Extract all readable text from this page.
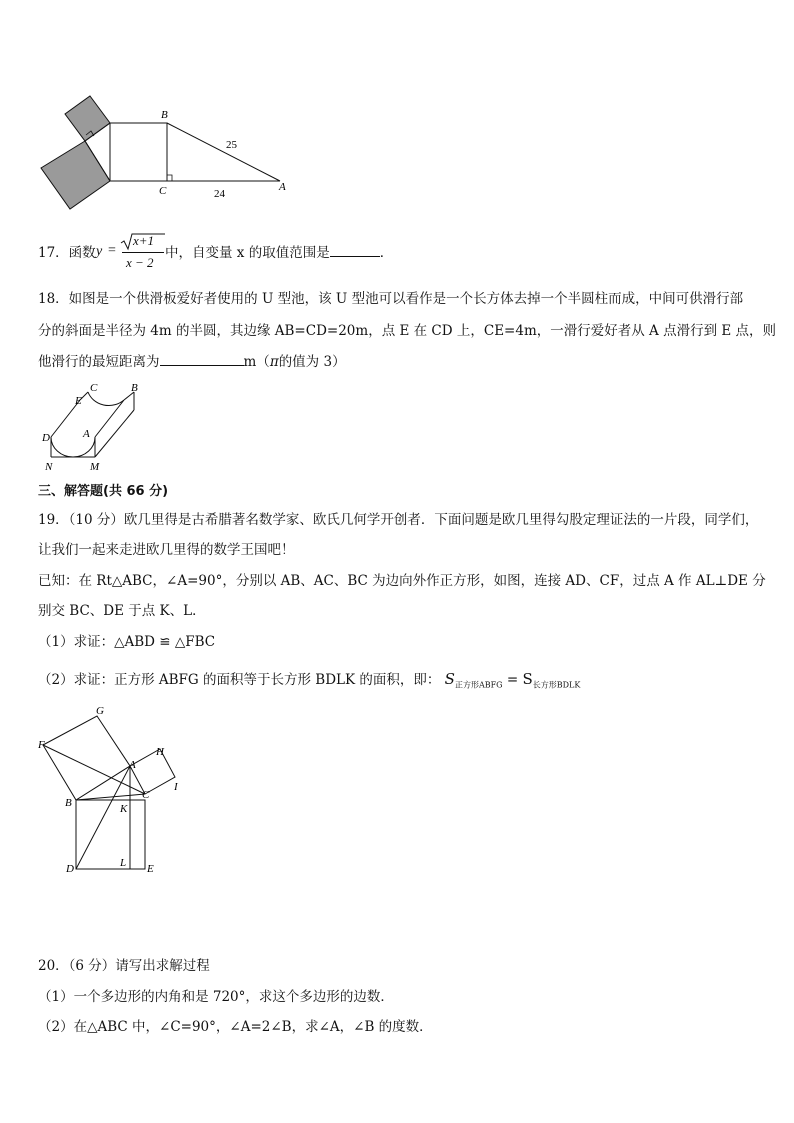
B
C	A
25
24
17．函数 y =
x+1
x − 2
中，自变量 x 的取值范围是	．
18．如图是一个供滑板爱好者使用的 U 型池，该 U 型池可以看作是一个长方体去掉一个半圆柱而成，中间可供滑行部
分的斜面是半径为 4m 的半圆，其边缘 AB=CD=20m，点 E 在 CD 上，CE=4m，一滑行爱好者从 A 点滑行到 E 点，则
他滑行的最短距离为	m（π的值为 3）
C	B
E
D	A
N	M
三、解答题(共 66 分)
19．（10 分）欧几里得是古希腊著名数学家、欧氏几何学开创者．下面问题是欧几里得勾股定理证法的一片段，同学们，
让我们一起来走进欧几里得的数学王国吧！
已知：在 Rt△ABC，∠A=90°，分别以 AB、AC、BC 为边向外作正方形，如图，连接 AD、CF，过点 A 作 AL⊥DE 分
别交 BC、DE 于点 K、L．
（1）求证：△ABD ≌ △FBC
（2）求证：正方形 ABFG 的面积等于长方形 BDLK 的面积，即： $S_{正方形ABFG} = S_{长方形BDLK}$
G
F
H
A
B
C
I
K
D	L E
20．（6 分）请写出求解过程
（1）一个多边形的内角和是 720°，求这个多边形的边数．
（2）在△ABC 中，∠C=90°，∠A=2∠B，求∠A，∠B 的度数．
